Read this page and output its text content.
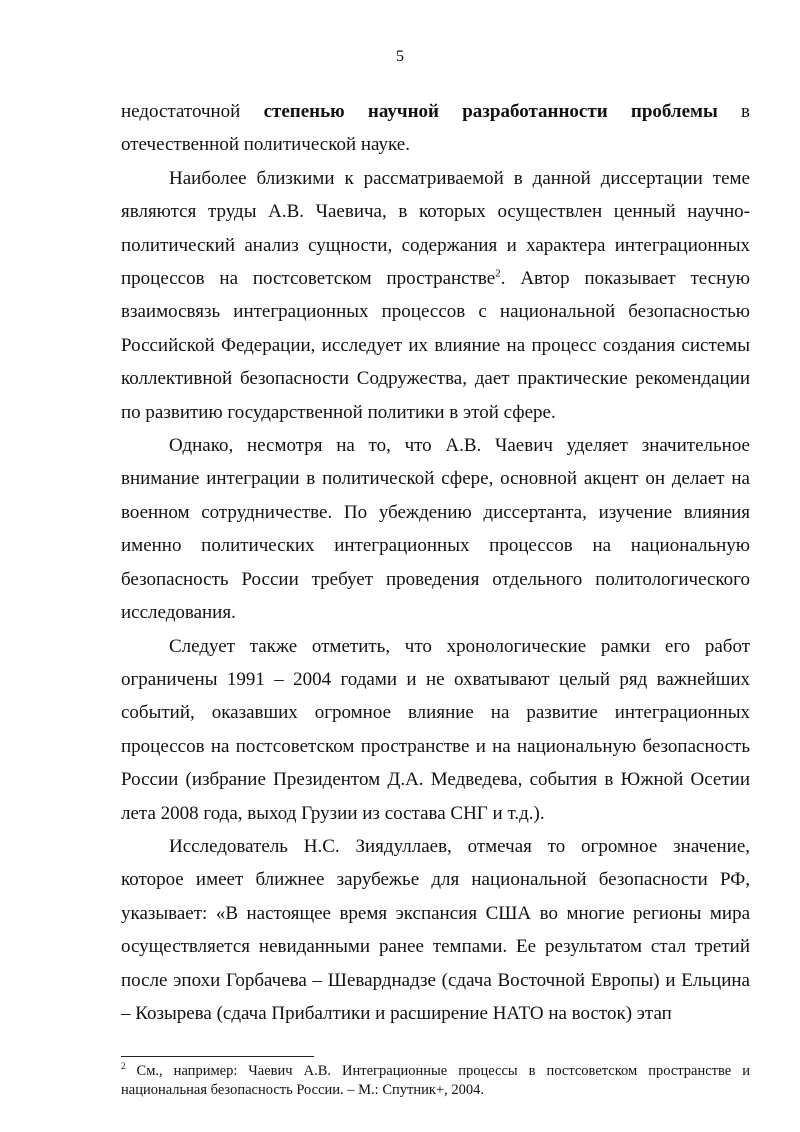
5

недостаточной степенью научной разработанности проблемы в отечественной политической науке.

Наиболее близкими к рассматриваемой в данной диссертации теме являются труды А.В. Чаевича, в которых осуществлен ценный научно-политический анализ сущности, содержания и характера интеграционных процессов на постсоветском пространстве$^2$. Автор показывает тесную взаимосвязь интеграционных процессов с национальной безопасностью Российской Федерации, исследует их влияние на процесс создания системы коллективной безопасности Содружества, дает практические рекомендации по развитию государственной политики в этой сфере.

Однако, несмотря на то, что А.В. Чаевич уделяет значительное внимание интеграции в политической сфере, основной акцент он делает на военном сотрудничестве. По убеждению диссертанта, изучение влияния именно политических интеграционных процессов на национальную безопасность России требует проведения отдельного политологического исследования.

Следует также отметить, что хронологические рамки его работ ограничены 1991 – 2004 годами и не охватывают целый ряд важнейших событий, оказавших огромное влияние на развитие интеграционных процессов на постсоветском пространстве и на национальную безопасность России (избрание Президентом Д.А. Медведева, события в Южной Осетии лета 2008 года, выход Грузии из состава СНГ и т.д.).

Исследователь Н.С. Зиядуллаев, отмечая то огромное значение, которое имеет ближнее зарубежье для национальной безопасности РФ, указывает: «В настоящее время экспансия США во многие регионы мира осуществляется невиданными ранее темпами. Ее результатом стал третий после эпохи Горбачева – Шеварднадзе (сдача Восточной Европы) и Ельцина – Козырева (сдача Прибалтики и расширение НАТО на восток) этап

$^2$ См., например: Чаевич А.В. Интеграционные процессы в постсоветском пространстве и национальная безопасность России. – М.: Спутник+, 2004.
